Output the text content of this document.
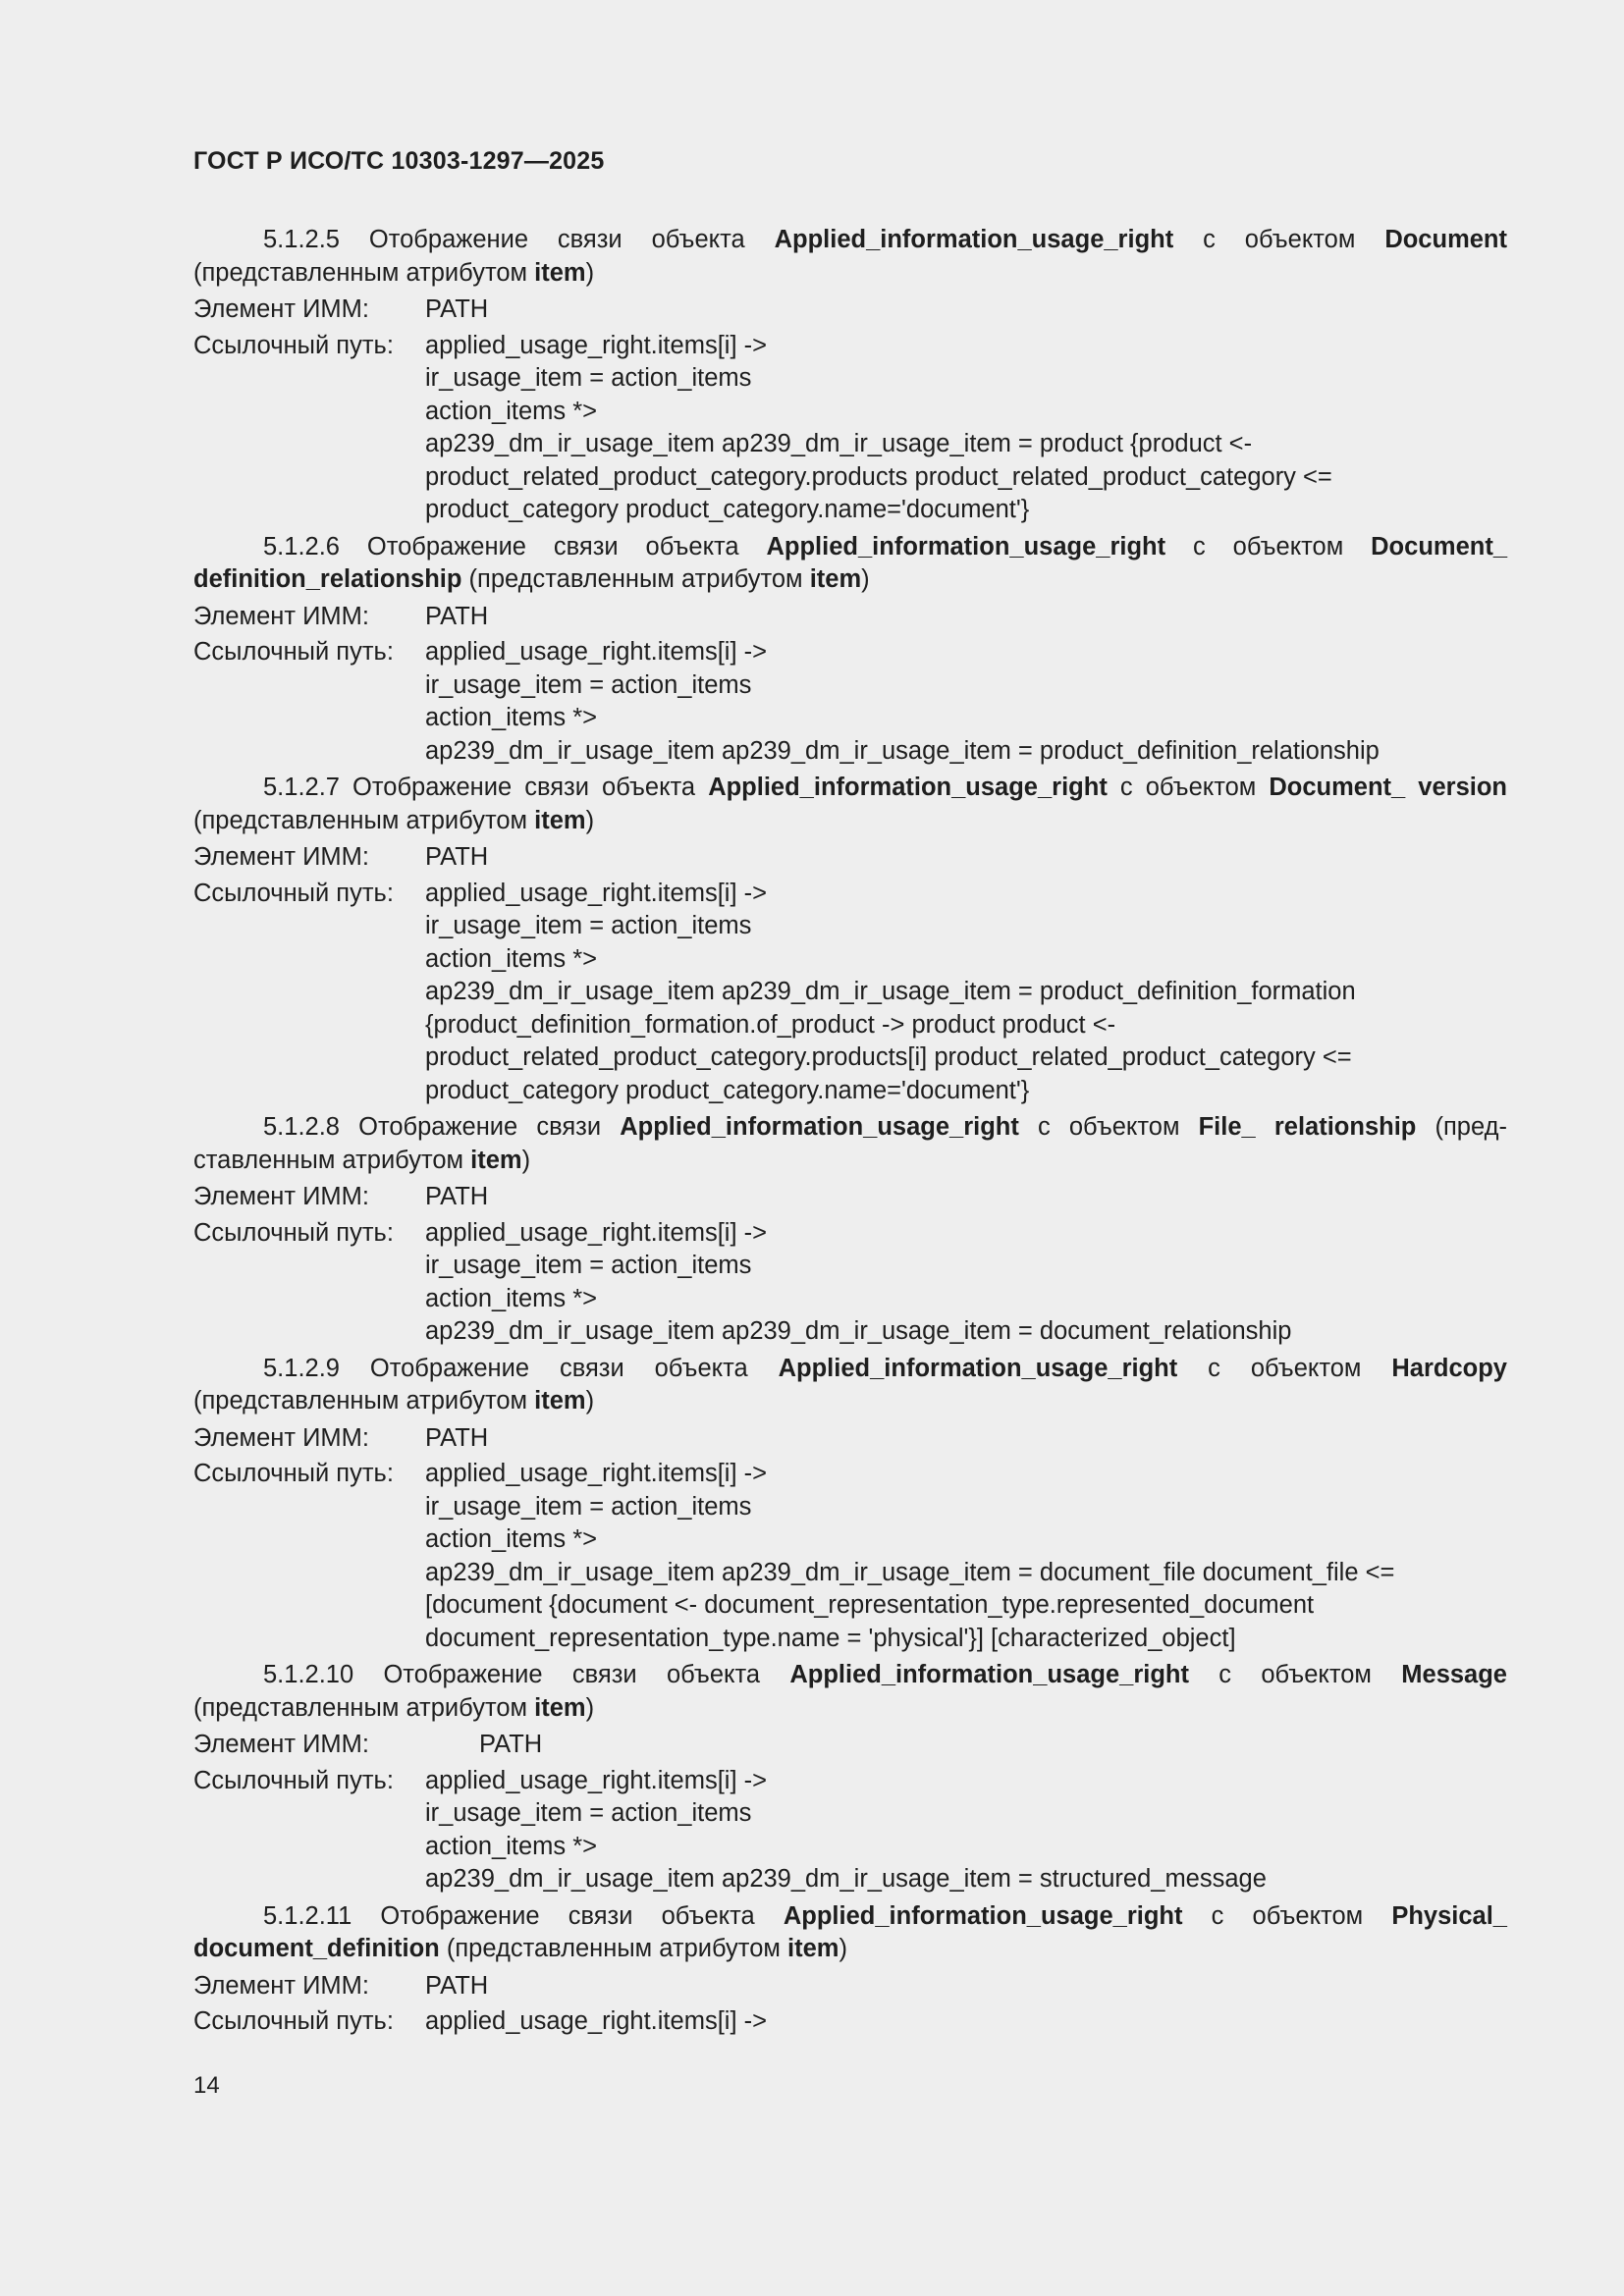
ГОСТ Р ИСО/ТС 10303-1297—2025

5.1.2.5 Отображение связи объекта Applied_information_usage_right с объектом Document (представленным атрибутом item)

Элемент ИММ:	PATH
Ссылочный путь:	applied_usage_right.items[i] ->
ir_usage_item = action_items
action_items *>
ap239_dm_ir_usage_item ap239_dm_ir_usage_item = product {product <-
product_related_product_category.products product_related_product_category <=
product_category product_category.name='document'}

5.1.2.6 Отображение связи объекта Applied_information_usage_right с объектом Document_ definition_relationship (представленным атрибутом item)

Элемент ИММ:	PATH
Ссылочный путь:	applied_usage_right.items[i] ->
ir_usage_item = action_items
action_items *>
ap239_dm_ir_usage_item ap239_dm_ir_usage_item = product_definition_relationship

5.1.2.7 Отображение связи объекта Applied_information_usage_right с объектом Document_ version (представленным атрибутом item)

Элемент ИММ:	PATH
Ссылочный путь:	applied_usage_right.items[i] ->
ir_usage_item = action_items
action_items *>
ap239_dm_ir_usage_item ap239_dm_ir_usage_item = product_definition_formation
{product_definition_formation.of_product -> product product <-
product_related_product_category.products[i] product_related_product_category <=
product_category product_category.name='document'}

5.1.2.8 Отображение связи Applied_information_usage_right с объектом File_ relationship (представленным атрибутом item)

Элемент ИММ:	PATH
Ссылочный путь:	applied_usage_right.items[i] ->
ir_usage_item = action_items
action_items *>
ap239_dm_ir_usage_item ap239_dm_ir_usage_item = document_relationship

5.1.2.9 Отображение связи объекта Applied_information_usage_right с объектом Hardcopy (представленным атрибутом item)

Элемент ИММ:	PATH
Ссылочный путь:	applied_usage_right.items[i] ->
ir_usage_item = action_items
action_items *>
ap239_dm_ir_usage_item ap239_dm_ir_usage_item = document_file document_file <=
[document {document <- document_representation_type.represented_document
document_representation_type.name = 'physical'}] [characterized_object]

5.1.2.10 Отображение связи объекта Applied_information_usage_right с объектом Message (представленным атрибутом item)

Элемент ИММ:	PATH
Ссылочный путь:	applied_usage_right.items[i] ->
ir_usage_item = action_items
action_items *>
ap239_dm_ir_usage_item ap239_dm_ir_usage_item = structured_message

5.1.2.11 Отображение связи объекта Applied_information_usage_right с объектом Physical_ document_definition (представленным атрибутом item)

Элемент ИММ:	PATH
Ссылочный путь:	applied_usage_right.items[i] ->
14
